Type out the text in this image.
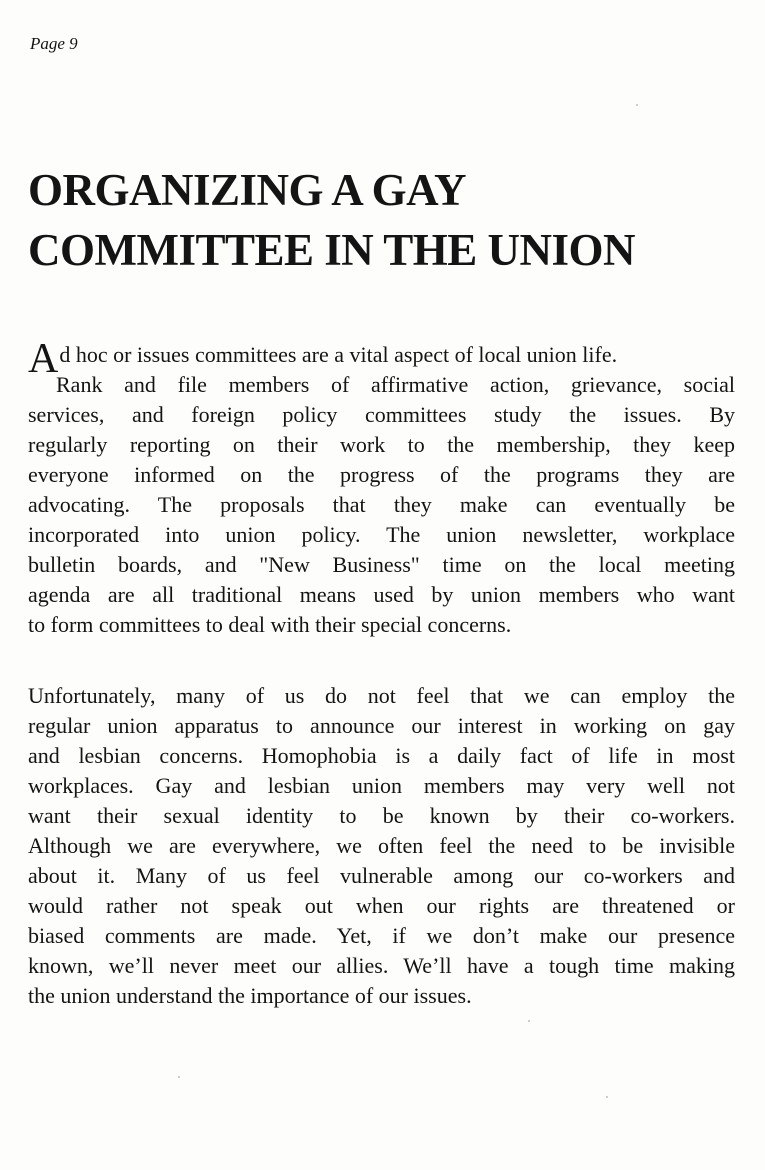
Page 9
ORGANIZING A GAY
COMMITTEE IN THE UNION
Ad hoc or issues committees are a vital aspect of local union life.
Rank and file members of affirmative action, grievance, social
services, and foreign policy committees study the issues. By
regularly reporting on their work to the membership, they keep
everyone informed on the progress of the programs they are
advocating. The proposals that they make can eventually be
incorporated into union policy. The union newsletter, workplace
bulletin boards, and "New Business" time on the local meeting
agenda are all traditional means used by union members who want
to form committees to deal with their special concerns.
Unfortunately, many of us do not feel that we can employ the
regular union apparatus to announce our interest in working on gay
and lesbian concerns. Homophobia is a daily fact of life in most
workplaces. Gay and lesbian union members may very well not
want their sexual identity to be known by their co-workers.
Although we are everywhere, we often feel the need to be invisible
about it. Many of us feel vulnerable among our co-workers and
would rather not speak out when our rights are threatened or
biased comments are made. Yet, if we don’t make our presence
known, we’ll never meet our allies. We’ll have a tough time making
the union understand the importance of our issues.
